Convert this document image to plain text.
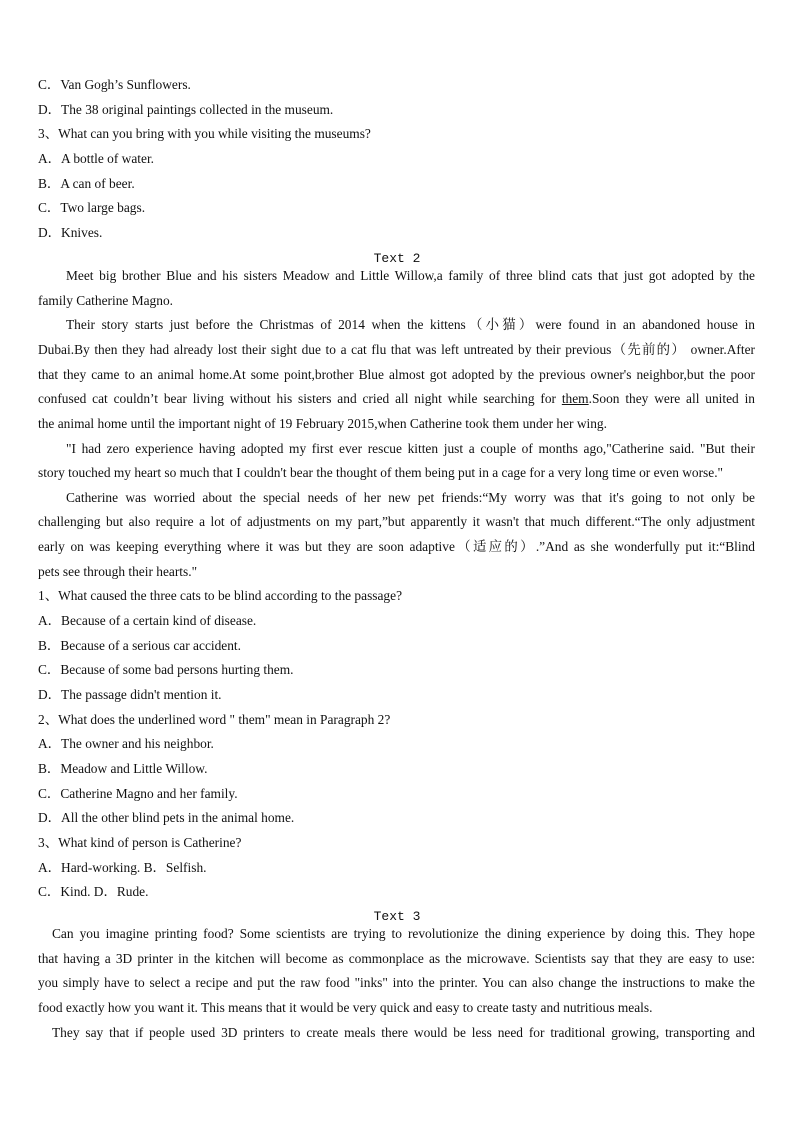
C．Van Gogh’s Sunflowers.
D．The 38 original paintings collected in the museum.
3、What can you bring with you while visiting the museums?
A．A bottle of water.
B．A can of beer.
C．Two large bags.
D．Knives.
Text 2
Meet big brother Blue and his sisters Meadow and Little Willow,a family of three blind cats that just got adopted by the
family Catherine Magno.
Their story starts just before the Christmas of 2014 when the kittens（小猫）were found in an abandoned house in
Dubai.By then they had already lost their sight due to a cat flu that was left untreated by their previous（先前的） owner.After
that they came to an animal home.At some point,brother Blue almost got adopted by the previous owner's neighbor,but the poor
confused cat couldn’t bear living without his sisters and cried all night while searching for them.Soon they were all united in
the animal home until the important night of 19 February 2015,when Catherine took them under her wing.
"I had zero experience having adopted my first ever rescue kitten just a couple of months ago,"Catherine said. "But their
story touched my heart so much that I couldn't bear the thought of them being put in a cage for a very long time or even worse."
Catherine was worried about the special needs of her new pet friends:“My worry was that it's going to not only be
challenging but also require a lot of adjustments on my part,”but apparently it wasn't that much different.“The only adjustment
early on was keeping everything where it was but they are soon adaptive（适应的）.”And as she wonderfully put it:“Blind
pets see through their hearts."
1、What caused the three cats to be blind according to the passage?
A．Because of a certain kind of disease.
B．Because of a serious car accident.
C．Because of some bad persons hurting them.
D．The passage didn't mention it.
2、What does the underlined word " them" mean in Paragraph 2?
A．The owner and his neighbor.
B．Meadow and Little Willow.
C．Catherine Magno and her family.
D．All the other blind pets in the animal home.
3、What kind of person is Catherine?
A．Hard-working. B．Selfish.
C．Kind. D．Rude.
Text 3
Can you imagine printing food? Some scientists are trying to revolutionize the dining experience by doing this. They hope
that having a 3D printer in the kitchen will become as commonplace as the microwave. Scientists say that they are easy to use:
you simply have to select a recipe and put the raw food "inks" into the printer. You can also change the instructions to make the
food exactly how you want it. This means that it would be very quick and easy to create tasty and nutritious meals.
They say that if people used 3D printers to create meals there would be less need for traditional growing, transporting and
